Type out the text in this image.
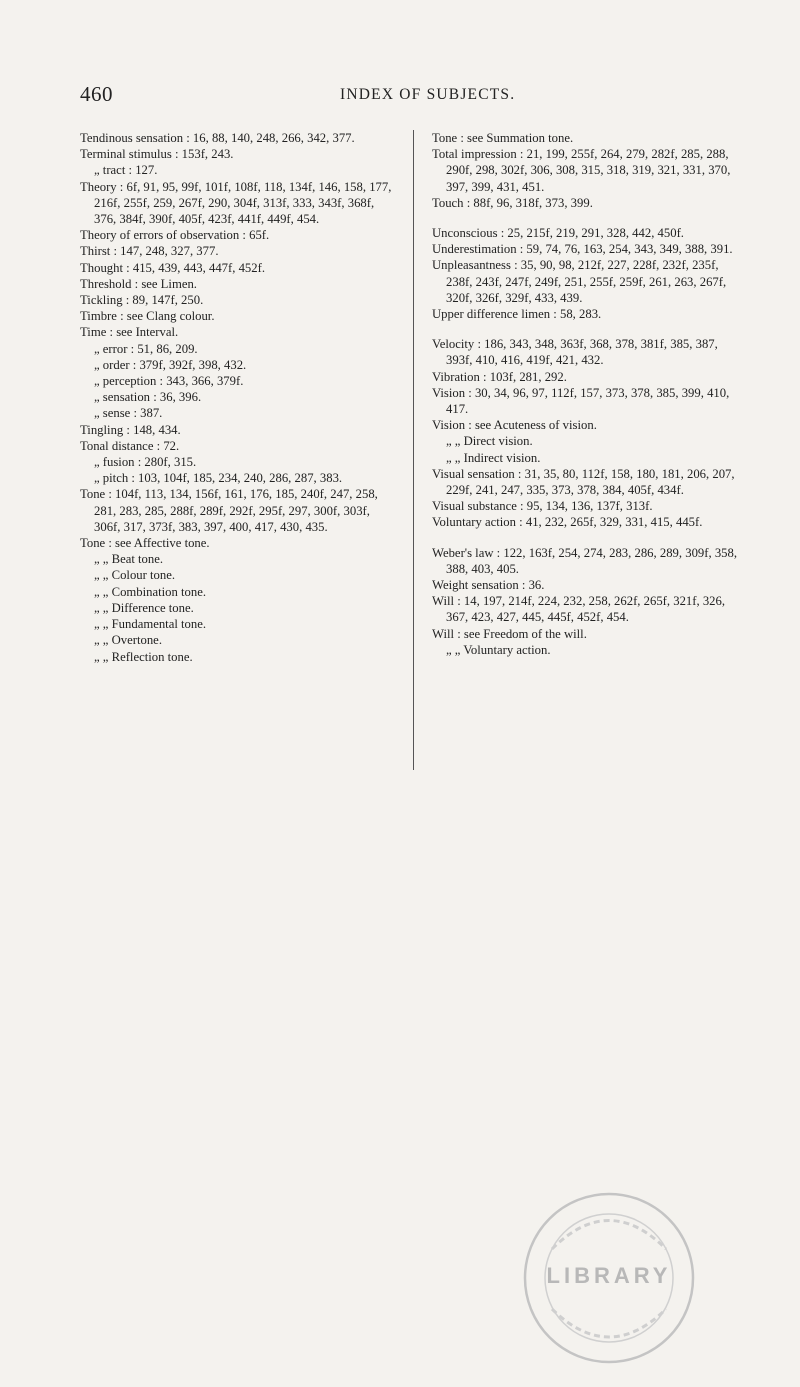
460	INDEX OF SUBJECTS.
Tendinous sensation : 16, 88, 140, 248, 266, 342, 377.
Terminal stimulus : 153f, 243.
„ tract : 127.
Theory : 6f, 91, 95, 99f, 101f, 108f, 118, 134f, 146, 158, 177, 216f, 255f, 259, 267f, 290, 304f, 313f, 333, 343f, 368f, 376, 384f, 390f, 405f, 423f, 441f, 449f, 454.
Theory of errors of observation : 65f.
Thirst : 147, 248, 327, 377.
Thought : 415, 439, 443, 447f, 452f.
Threshold : see Limen.
Tickling : 89, 147f, 250.
Timbre : see Clang colour.
Time : see Interval.
„ error : 51, 86, 209.
„ order : 379f, 392f, 398, 432.
„ perception : 343, 366, 379f.
„ sensation : 36, 396.
„ sense : 387.
Tingling : 148, 434.
Tonal distance : 72.
„ fusion : 280f, 315.
„ pitch : 103, 104f, 185, 234, 240, 286, 287, 383.
Tone : 104f, 113, 134, 156f, 161, 176, 185, 240f, 247, 258, 281, 283, 285, 288f, 289f, 292f, 295f, 297, 300f, 303f, 306f, 317, 373f, 383, 397, 400, 417, 430, 435.
Tone : see Affective tone.
„ „ Beat tone.
„ „ Colour tone.
„ „ Combination tone.
„ „ Difference tone.
„ „ Fundamental tone.
„ „ Overtone.
„ „ Reflection tone.
Tone : see Summation tone.
Total impression : 21, 199, 255f, 264, 279, 282f, 285, 288, 290f, 298, 302f, 306, 308, 315, 318, 319, 321, 331, 370, 397, 399, 431, 451.
Touch : 88f, 96, 318f, 373, 399.
Unconscious : 25, 215f, 219, 291, 328, 442, 450f.
Underestimation : 59, 74, 76, 163, 254, 343, 349, 388, 391.
Unpleasantness : 35, 90, 98, 212f, 227, 228f, 232f, 235f, 238f, 243f, 247f, 249f, 251, 255f, 259f, 261, 263, 267f, 320f, 326f, 329f, 433, 439.
Upper difference limen : 58, 283.
Velocity : 186, 343, 348, 363f, 368, 378, 381f, 385, 387, 393f, 410, 416, 419f, 421, 432.
Vibration : 103f, 281, 292.
Vision : 30, 34, 96, 97, 112f, 157, 373, 378, 385, 399, 410, 417.
Vision : see Acuteness of vision.
„ „ Direct vision.
„ „ Indirect vision.
Visual sensation : 31, 35, 80, 112f, 158, 180, 181, 206, 207, 229f, 241, 247, 335, 373, 378, 384, 405f, 434f.
Visual substance : 95, 134, 136, 137f, 313f.
Voluntary action : 41, 232, 265f, 329, 331, 415, 445f.
Weber's law : 122, 163f, 254, 274, 283, 286, 289, 309f, 358, 388, 403, 405.
Weight sensation : 36.
Will : 14, 197, 214f, 224, 232, 258, 262f, 265f, 321f, 326, 367, 423, 427, 445, 445f, 452f, 454.
Will : see Freedom of the will.
„ „ Voluntary action.
LIBRARY
